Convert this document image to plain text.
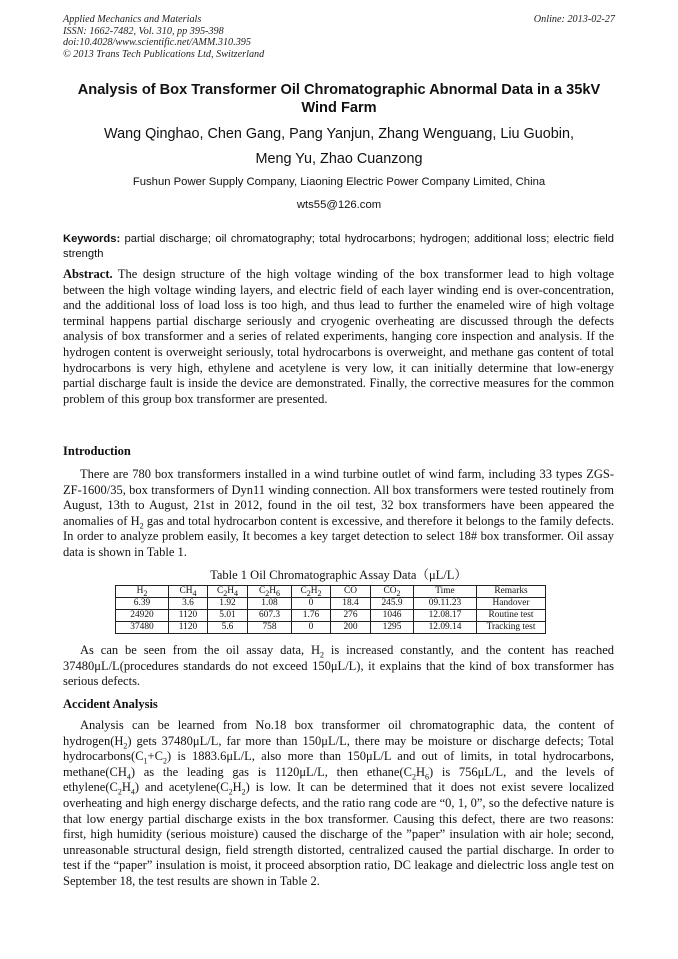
Applied Mechanics and Materials
ISSN: 1662-7482, Vol. 310, pp 395-398
doi:10.4028/www.scientific.net/AMM.310.395
© 2013 Trans Tech Publications Ltd, Switzerland
Online: 2013-02-27
Analysis of Box Transformer Oil Chromatographic Abnormal Data in a 35kV Wind Farm
Wang Qinghao, Chen Gang, Pang Yanjun, Zhang Wenguang, Liu Guobin,
Meng Yu, Zhao Cuanzong
Fushun Power Supply Company, Liaoning Electric Power Company Limited, China
wts55@126.com
Keywords: partial discharge; oil chromatography; total hydrocarbons; hydrogen; additional loss; electric field strength
Abstract. The design structure of the high voltage winding of the box transformer lead to high voltage between the high voltage winding layers, and electric field of each layer winding end is over-concentration, and the additional loss of load loss is too high, and thus lead to further the enameled wire of high voltage terminal happens partial discharge seriously and cryogenic overheating are discussed through the defects analysis of box transformer and a series of related experiments, hanging core inspection and analysis. If the hydrogen content is overweight seriously, total hydrocarbons is overweight, and methane gas content of total hydrocarbons is very high, ethylene and acetylene is very low, it can initially determine that low-energy partial discharge fault is inside the device are demonstrated. Finally, the corrective measures for the common problem of this group box transformer are presented.
Introduction
There are 780 box transformers installed in a wind turbine outlet of wind farm, including 33 types ZGS-ZF-1600/35, box transformers of Dyn11 winding connection. All box transformers were tested routinely from August, 13th to August, 21st in 2012, found in the oil test, 32 box transformers have been appeared the anomalies of $H_2$ gas and total hydrocarbon content is excessive, and therefore it belongs to the family defects. In order to analyze problem easily, It becomes a key target detection to select 18# box transformer. Oil assay data is shown in Table 1.
Table 1 Oil Chromatographic Assay Data（μL/L）
$H_2$	$CH_4$	$C_2H_4$	$C_2H_6$	$C_2H_2$	CO	$CO_2$	Time	Remarks
6.39	3.6	1.92	1.08	0	18.4	245.9	09.11.23	Handover
24920	1120	5.01	607.3	1.76	276	1046	12.08.17	Routine test
37480	1120	5.6	758	0	200	1295	12.09.14	Tracking test
As can be seen from the oil assay data, $H_2$ is increased constantly, and the content has reached 37480μL/L(procedures standards do not exceed 150μL/L), it explains that the kind of box transformer has serious defects.
Accident Analysis
Analysis can be learned from No.18 box transformer oil chromatographic data, the content of $hydrogen(H_2)$ gets 37480μL/L, far more than 150μL/L, there may be moisture or discharge defects; Total $hydrocarbons(C_1+C_2)$ is 1883.6μL/L, also more than 150μL/L and out of limits, in total hydrocarbons, $methane(CH_4)$ as the leading gas is 1120μL/L, then $ethane(C_2H_6)$ is 756μL/L, and the levels of $ethylene(C_2H_4)$ and $acetylene(C_2H_2)$ is low. It can be determined that it does not exist severe localized overheating and high energy discharge defects, and the ratio rang code are “0, 1, 0”, so the defective nature is that low energy partial discharge exists in the box transformer. Causing this defect, there are two reasons: first, high humidity (serious moisture) caused the discharge of the ”paper” insulation with air hole; second, unreasonable structural design, field strength distorted, centralized caused the partial discharge. In order to test if the “paper” insulation is moist, it proceed absorption ratio, DC leakage and dielectric loss angle test on September 18, the test results are shown in Table 2.
